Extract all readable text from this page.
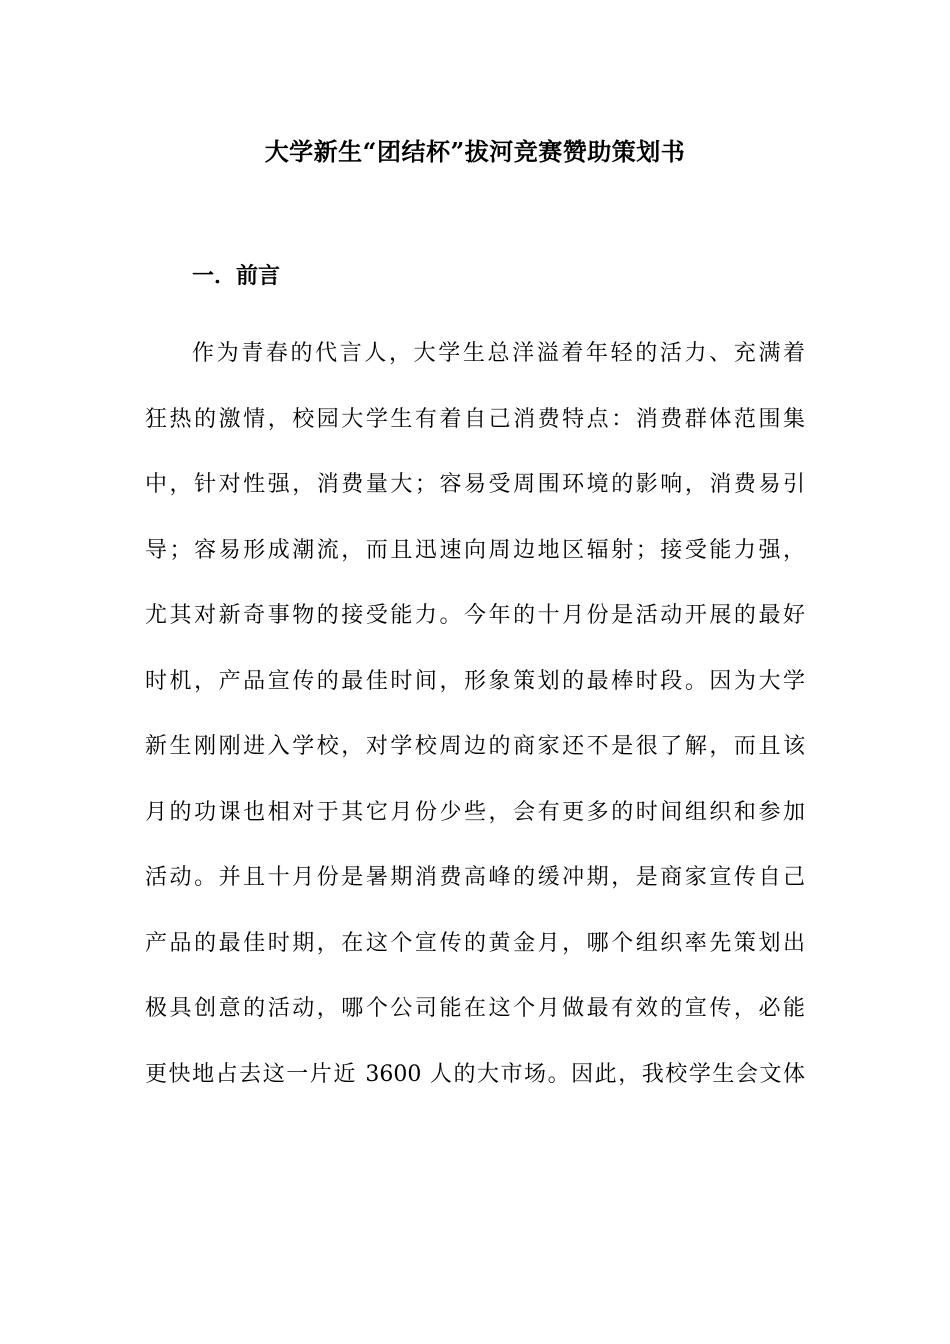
大学新生“团结杯”拔河竞赛赞助策划书
一．前言
作为青春的代言人，大学生总洋溢着年轻的活力、充满着
狂热的激情，校园大学生有着自己消费特点：消费群体范围集
中，针对性强，消费量大；容易受周围环境的影响，消费易引
导；容易形成潮流，而且迅速向周边地区辐射；接受能力强，
尤其对新奇事物的接受能力。今年的十月份是活动开展的最好
时机，产品宣传的最佳时间，形象策划的最棒时段。因为大学
新生刚刚进入学校，对学校周边的商家还不是很了解，而且该
月的功课也相对于其它月份少些，会有更多的时间组织和参加
活动。并且十月份是暑期消费高峰的缓冲期，是商家宣传自己
产品的最佳时期，在这个宣传的黄金月，哪个组织率先策划出
极具创意的活动，哪个公司能在这个月做最有效的宣传，必能
更快地占去这一片近 3600 人的大市场。因此，我校学生会文体
